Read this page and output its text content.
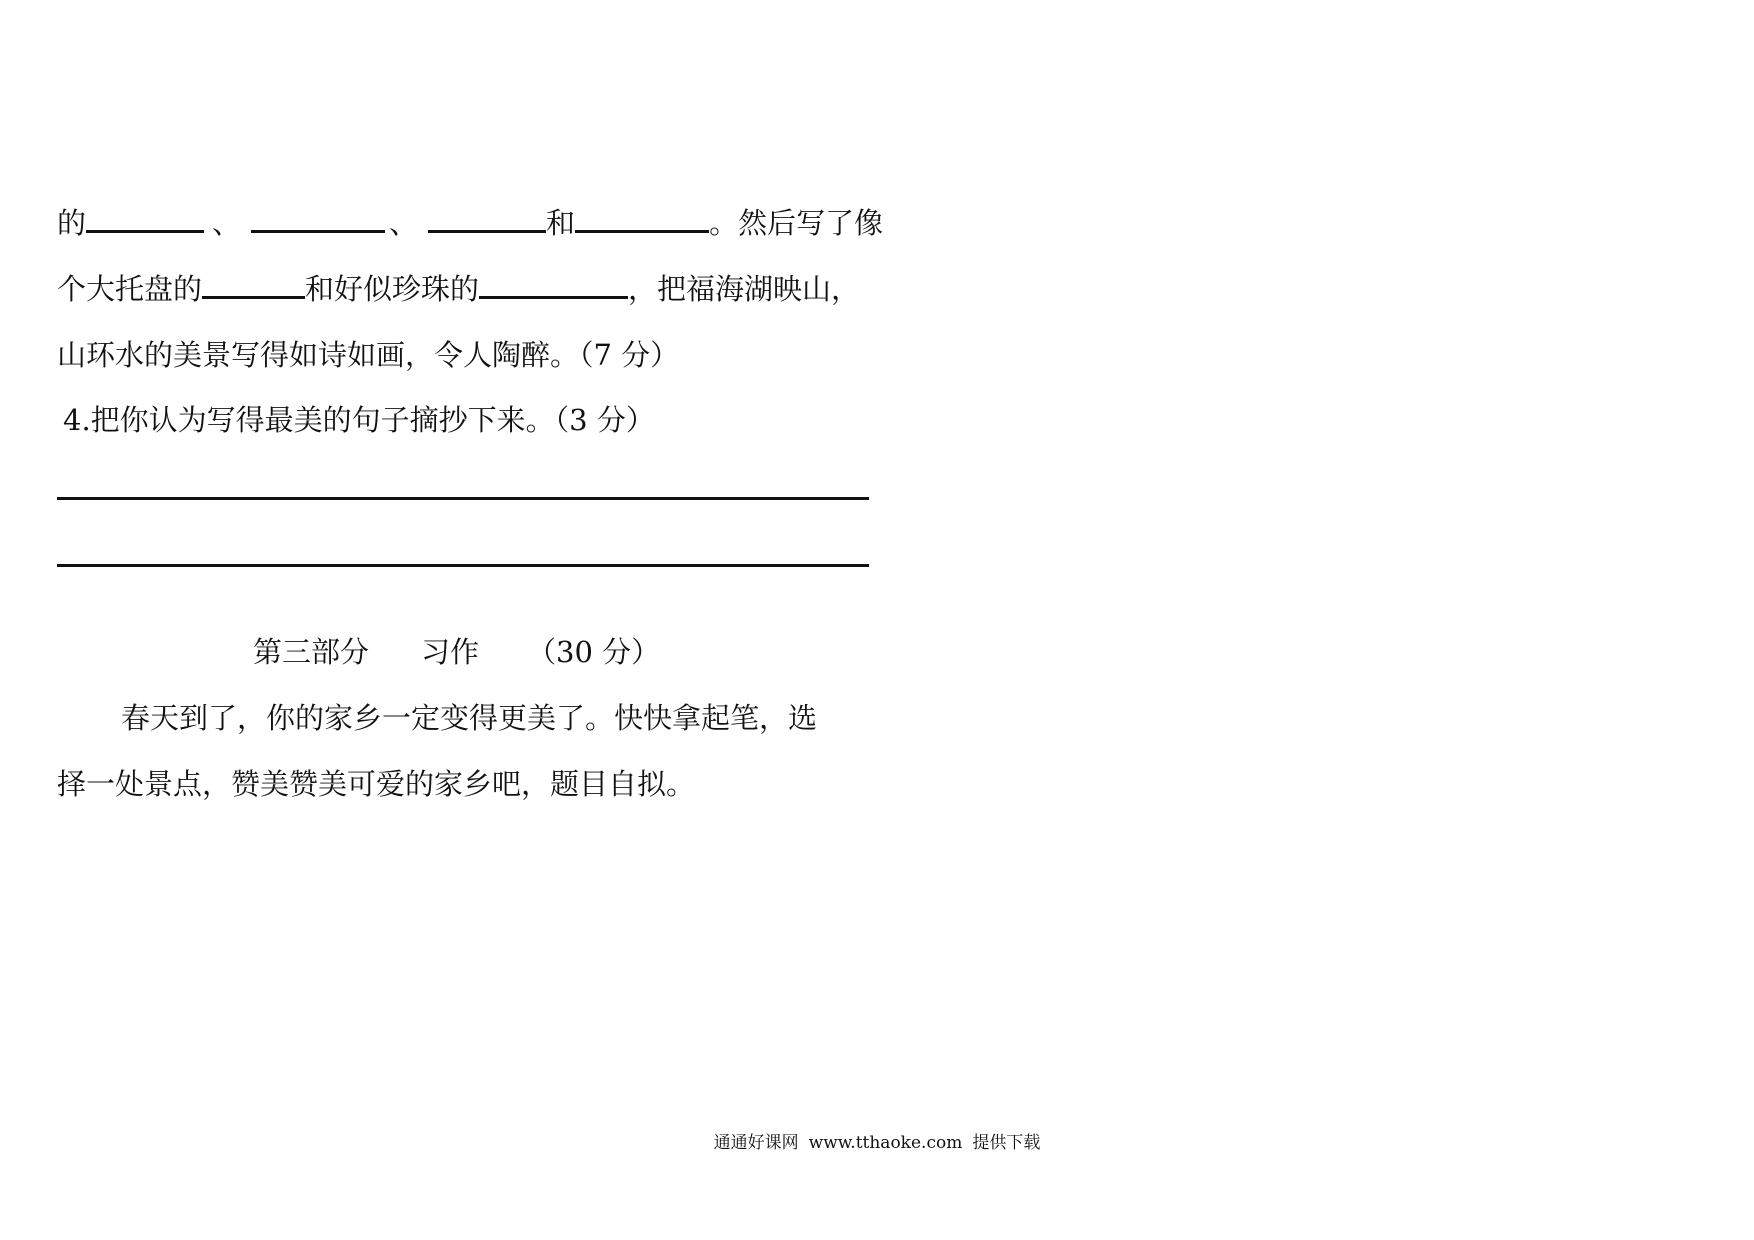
的	、	、	和	。然后写了像
个大托盘的	和好似珍珠的	，把福海湖映山，
山环水的美景写得如诗如画，令人陶醉。（7 分）
4.把你认为写得最美的句子摘抄下来。（3 分）
第三部分 习作 （30 分）
春天到了，你的家乡一定变得更美了。快快拿起笔，选
择一处景点，赞美赞美可爱的家乡吧，题目自拟。
通通好课网 www.tthaoke.com 提供下载
